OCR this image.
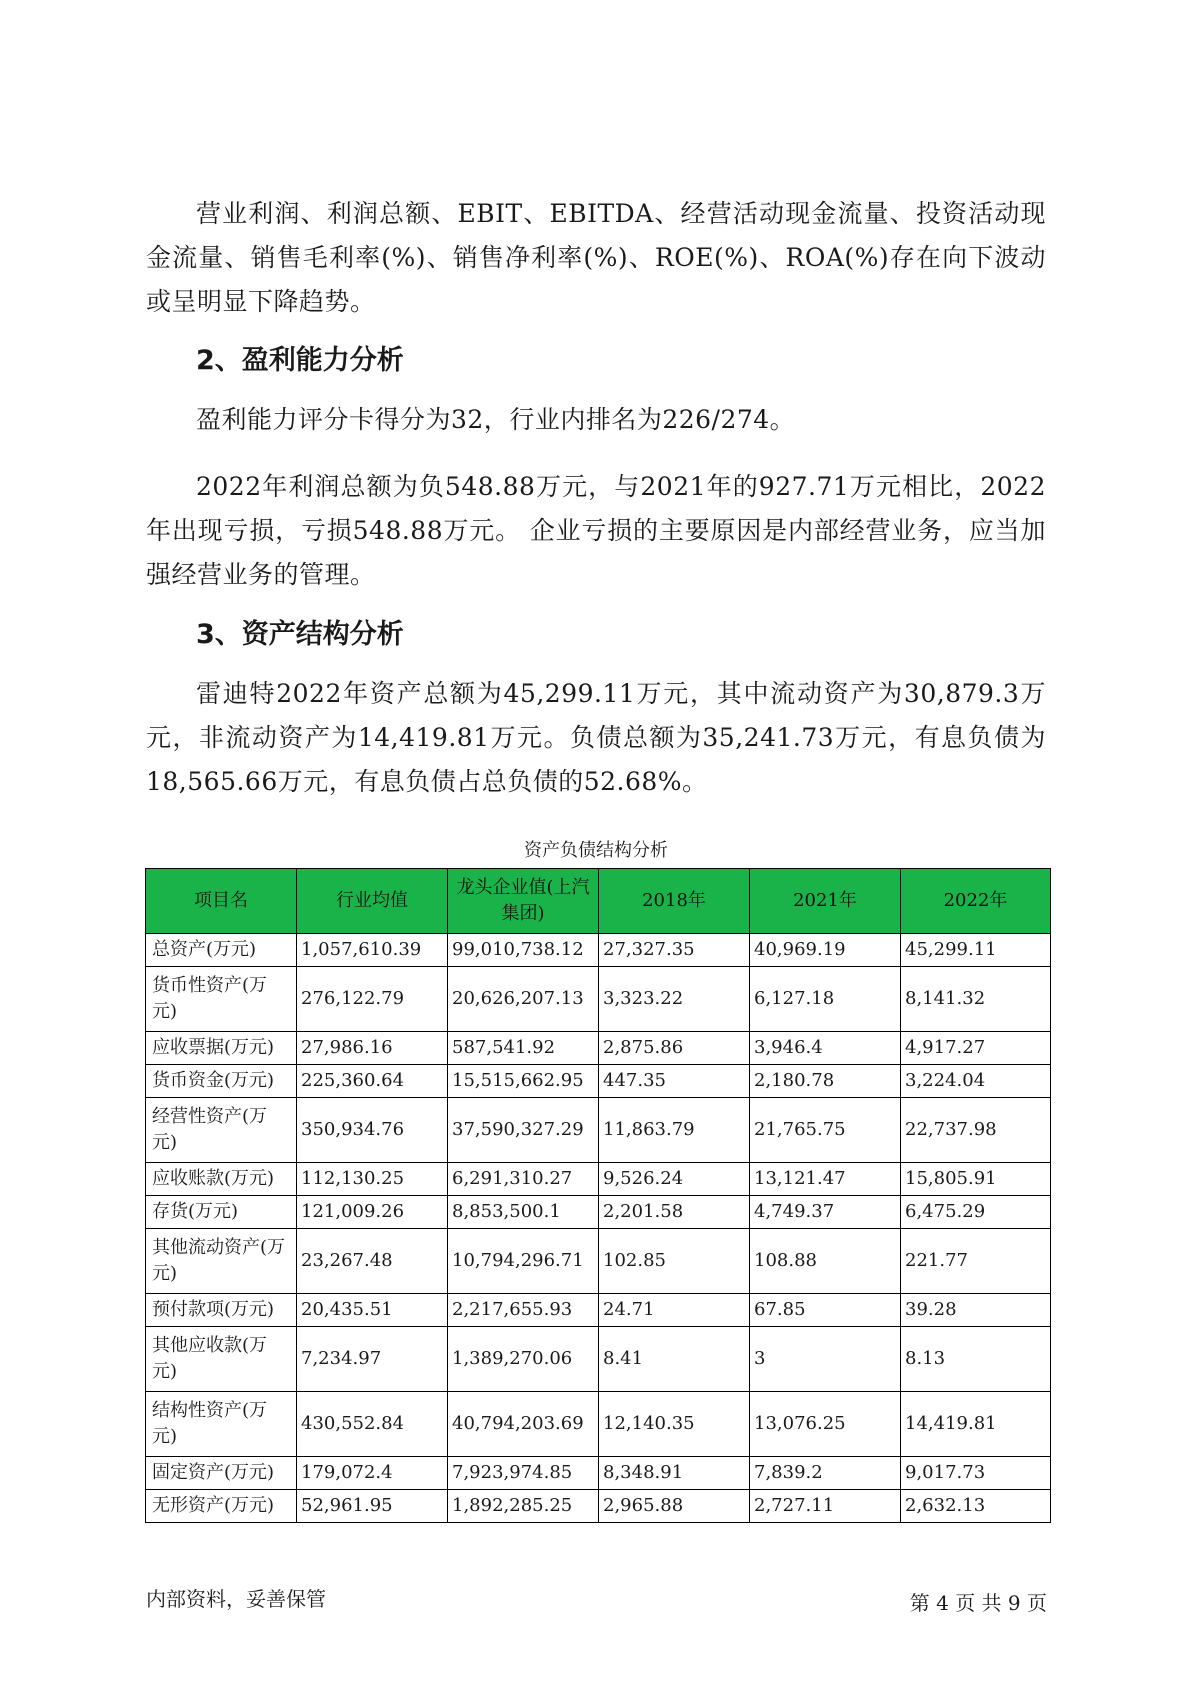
营业利润、利润总额、EBIT、EBITDA、经营活动现金流量、投资活动现金流量、销售毛利率(%)、销售净利率(%)、ROE(%)、ROA(%)存在向下波动或呈明显下降趋势。

2、盈利能力分析

盈利能力评分卡得分为32，行业内排名为226/274。

2022年利润总额为负548.88万元，与2021年的927.71万元相比，2022年出现亏损，亏损548.88万元。 企业亏损的主要原因是内部经营业务，应当加强经营业务的管理。

3、资产结构分析

雷迪特2022年资产总额为45,299.11万元，其中流动资产为30,879.3万元，非流动资产为14,419.81万元。负债总额为35,241.73万元，有息负债为18,565.66万元，有息负债占总负债的52.68%。

资产负债结构分析
项目名	行业均值	龙头企业值(上汽集团)	2018年	2021年	2022年
总资产(万元)	1,057,610.39	99,010,738.12	27,327.35	40,969.19	45,299.11
货币性资产(万元)	276,122.79	20,626,207.13	3,323.22	6,127.18	8,141.32
应收票据(万元)	27,986.16	587,541.92	2,875.86	3,946.4	4,917.27
货币资金(万元)	225,360.64	15,515,662.95	447.35	2,180.78	3,224.04
经营性资产(万元)	350,934.76	37,590,327.29	11,863.79	21,765.75	22,737.98
应收账款(万元)	112,130.25	6,291,310.27	9,526.24	13,121.47	15,805.91
存货(万元)	121,009.26	8,853,500.1	2,201.58	4,749.37	6,475.29
其他流动资产(万元)	23,267.48	10,794,296.71	102.85	108.88	221.77
预付款项(万元)	20,435.51	2,217,655.93	24.71	67.85	39.28
其他应收款(万元)	7,234.97	1,389,270.06	8.41	3	8.13
结构性资产(万元)	430,552.84	40,794,203.69	12,140.35	13,076.25	14,419.81
固定资产(万元)	179,072.4	7,923,974.85	8,348.91	7,839.2	9,017.73
无形资产(万元)	52,961.95	1,892,285.25	2,965.88	2,727.11	2,632.13
内部资料，妥善保管	第 4 页 共 9 页
